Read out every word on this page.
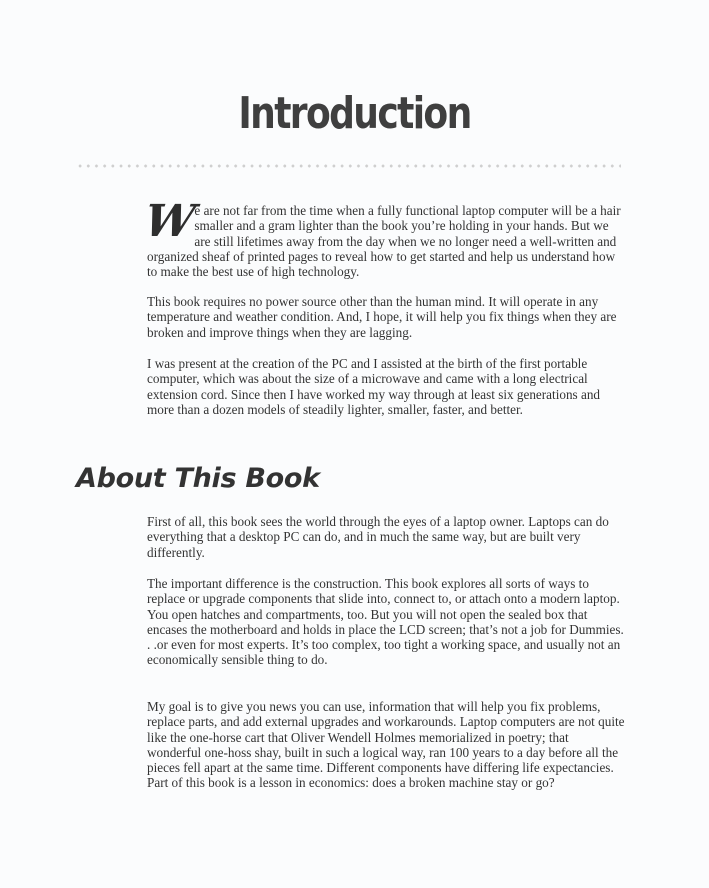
Introduction

W
e are not far from the time when a fully functional laptop computer will be a hair smaller and a gram lighter than the book you’re holding in your hands. But we are still lifetimes away from the day when we no longer need a well-written and organized sheaf of printed pages to reveal how to get started and help us understand how to make the best use of high technology.

This book requires no power source other than the human mind. It will operate in any temperature and weather condition. And, I hope, it will help you fix things when they are broken and improve things when they are lagging.

I was present at the creation of the PC and I assisted at the birth of the first portable computer, which was about the size of a microwave and came with a long electrical extension cord. Since then I have worked my way through at least six generations and more than a dozen models of steadily lighter, smaller, faster, and better.

About This Book

First of all, this book sees the world through the eyes of a laptop owner. Laptops can do everything that a desktop PC can do, and in much the same way, but are built very differently.

The important difference is the construction. This book explores all sorts of ways to replace or upgrade components that slide into, connect to, or attach onto a modern laptop. You open hatches and compartments, too. But you will not open the sealed box that encases the motherboard and holds in place the LCD screen; that’s not a job for Dummies. . .or even for most experts. It’s too complex, too tight a working space, and usually not an economically sensible thing to do.

My goal is to give you news you can use, information that will help you fix problems, replace parts, and add external upgrades and workarounds. Laptop computers are not quite like the one-horse cart that Oliver Wendell Holmes memorialized in poetry; that wonderful one-hoss shay, built in such a logical way, ran 100 years to a day before all the pieces fell apart at the same time. Different components have differing life expectancies. Part of this book is a lesson in economics: does a broken machine stay or go?
